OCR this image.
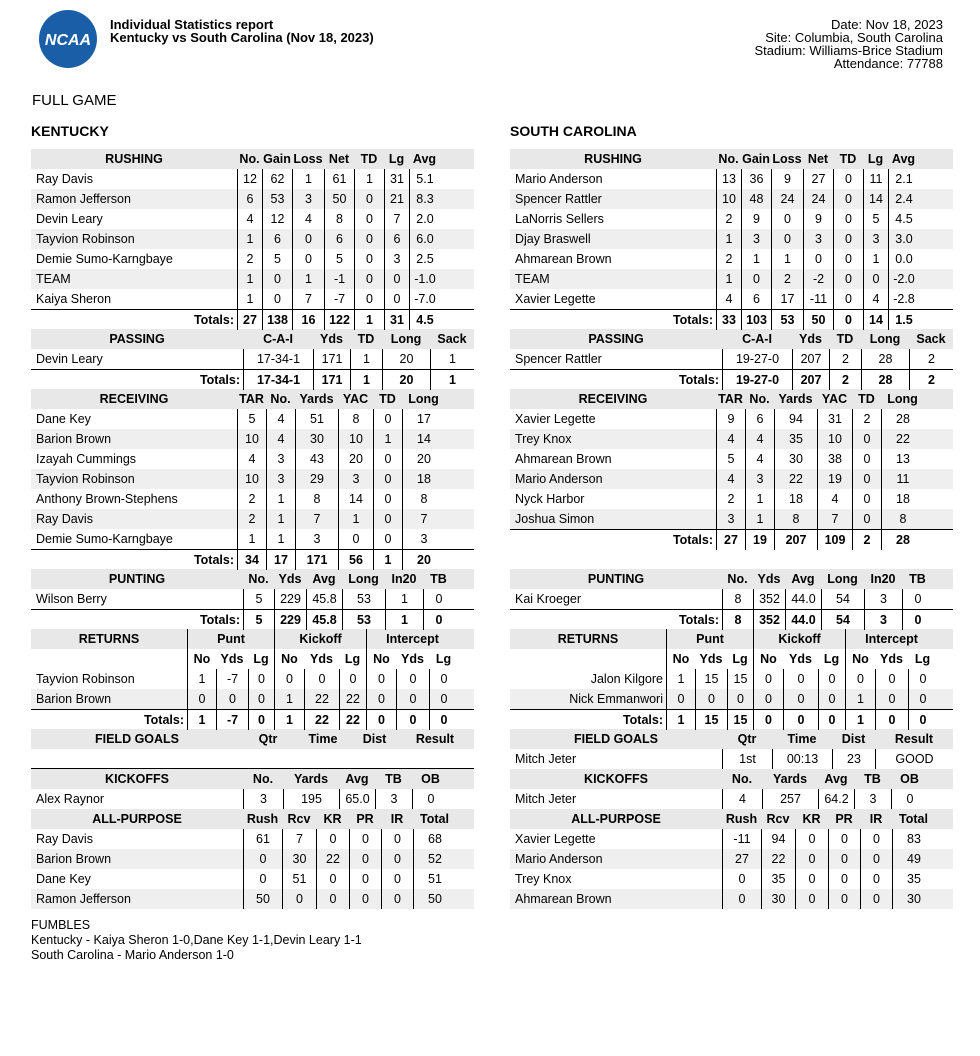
NCAA
Individual Statistics report
Kentucky vs South Carolina (Nov 18, 2023)
Date: Nov 18, 2023
Site: Columbia, South Carolina
Stadium: Williams-Brice Stadium
Attendance: 77788
FULL GAME
KENTUCKY	SOUTH CAROLINA
RUSHING	No. Gain Loss Net TD Lg Avg
Ray Davis	12	62	1	61	1	31 5.1
Ramon Jefferson	6	53	3	50	0	21 8.3
Devin Leary	4	12	4	8	0	7	2.0
Tayvion Robinson	1	6	0	6	0	6	6.0
Demie Sumo-Karngbaye	2	5	0	5	0	3	2.5
TEAM	1	0	1	-1	0	0	-1.0
Kaiya Sheron	1	0	7	-7	0	0	-7.0
Totals: 27 138	16	122	1	31 4.5
PASSING	C-A-I	Yds	TD	Long	Sack
Devin Leary	17-34-1	171	1	20	1
Totals:	17-34-1	171	1	20	1
RECEIVING	TAR No. Yards YAC TD Long
Dane Key	5	4	51	8	0	17
Barion Brown	10	4	30	10	1	14
Izayah Cummings	4	3	43	20	0	20
Tayvion Robinson	10	3	29	3	0	18
Anthony Brown-Stephens	2	1	8	14	0	8
Ray Davis	2	1	7	1	0	7
Demie Sumo-Karngbaye	1	1	3	0	0	3
Totals: 34	17	171	56	1	20
PUNTING	No. Yds Avg	Long	In20	TB
Wilson Berry	5	229 45.8	53	1	0
Totals:	5	229 45.8	53	1	0
RETURNS	Punt	Kickoff	Intercept
No Yds Lg	No Yds Lg	No Yds Lg
Tayvion Robinson	1	-7	0	0	0	0	0	0	0
Barion Brown	0	0	0	1	22	22	0	0	0
Totals:	1	-7	0	1	22	22	0	0	0
FIELD GOALS	Qtr	Time	Dist	Result
KICKOFFS	No.	Yards	Avg	TB	OB
Alex Raynor	3	195	65.0	3	0
ALL-PURPOSE	Rush Rcv	KR	PR	IR	Total
Ray Davis	61	7	0	0	0	68
Barion Brown	0	30	22	0	0	52
Dane Key	0	51	0	0	0	51
Ramon Jefferson	50	0	0	0	0	50
RUSHING	No. Gain Loss Net TD Lg Avg
Mario Anderson	13	36	9	27	0	11	2.1
Spencer Rattler	10	48	24	24	0	14 2.4
LaNorris Sellers	2	9	0	9	0	5	4.5
Djay Braswell	1	3	0	3	0	3	3.0
Ahmarean Brown	2	1	1	0	0	1	0.0
TEAM	1	0	2	-2	0	0	-2.0
Xavier Legette	4	6	17	-11	0	4	-2.8
Totals: 33 103	53	50	0	14 1.5
PASSING	C-A-I	Yds	TD	Long	Sack
Spencer Rattler	19-27-0	207	2	28	2
Totals:	19-27-0	207	2	28	2
RECEIVING	TAR No. Yards YAC TD Long
Xavier Legette	9	6	94	31	2	28
Trey Knox	4	4	35	10	0	22
Ahmarean Brown	5	4	30	38	0	13
Mario Anderson	4	3	22	19	0	11
Nyck Harbor	2	1	18	4	0	18
Joshua Simon	3	1	8	7	0	8
Totals: 27	19	207	109	2	28
PUNTING	No. Yds Avg	Long	In20	TB
Kai Kroeger	8	352 44.0	54	3	0
Totals:	8	352 44.0	54	3	0
RETURNS	Punt	Kickoff	Intercept
No Yds Lg	No Yds Lg	No Yds Lg
Jalon Kilgore	1	15	15	0	0	0	0	0	0
Nick Emmanwori	0	0	0	0	0	0	1	0	0
Totals:	1	15	15	0	0	0	1	0	0
FIELD GOALS	Qtr	Time	Dist	Result
Mitch Jeter	1st	00:13	23	GOOD
KICKOFFS	No.	Yards	Avg	TB	OB
Mitch Jeter	4	257	64.2	3	0
ALL-PURPOSE	Rush Rcv	KR	PR	IR	Total
Xavier Legette	-11	94	0	0	0	83
Mario Anderson	27	22	0	0	0	49
Trey Knox	0	35	0	0	0	35
Ahmarean Brown	0	30	0	0	0	30
FUMBLES
Kentucky - Kaiya Sheron 1-0,Dane Key 1-1,Devin Leary 1-1
South Carolina - Mario Anderson 1-0
